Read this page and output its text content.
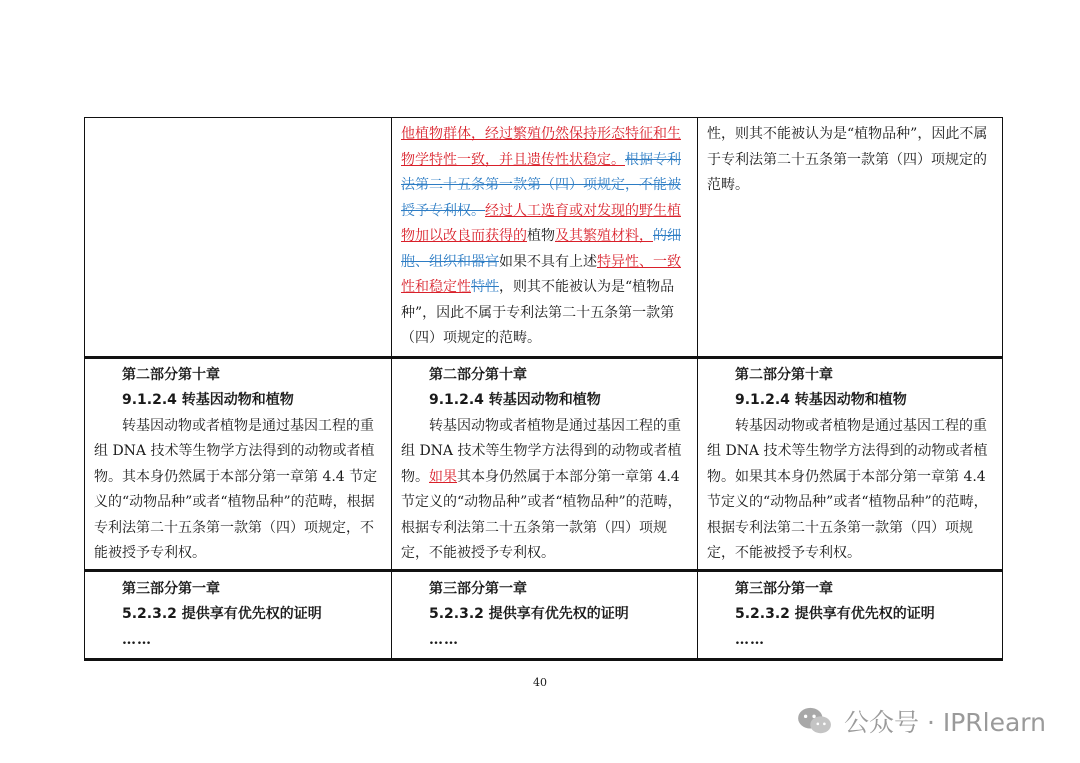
	他植物群体，经过繁殖仍然保持形态特征和生物学特性一致，并且遗传性状稳定。根据专利法第二十五条第一款第（四）项规定，不能被授予专利权。经过人工选育或对发现的野生植物加以改良而获得的植物及其繁殖材料，的细胞、组织和器官如果不具有上述特异性、一致性和稳定性特性，则其不能被认为是“植物品种”，因此不属于专利法第二十五条第一款第（四）项规定的范畴。	性，则其不能被认为是“植物品种”，因此不属于专利法第二十五条第一款第（四）项规定的范畴。

第二部分第十章
9.1.2.4 转基因动物和植物
转基因动物或者植物是通过基因工程的重组 DNA 技术等生物学方法得到的动物或者植物。其本身仍然属于本部分第一章第 4.4 节定义的“动物品种”或者“植物品种”的范畴，根据专利法第二十五条第一款第（四）项规定，不能被授予专利权。	第二部分第十章
9.1.2.4 转基因动物和植物
转基因动物或者植物是通过基因工程的重组 DNA 技术等生物学方法得到的动物或者植物。如果其本身仍然属于本部分第一章第 4.4 节定义的“动物品种”或者“植物品种”的范畴，根据专利法第二十五条第一款第（四）项规定，不能被授予专利权。	第二部分第十章
9.1.2.4 转基因动物和植物
转基因动物或者植物是通过基因工程的重组 DNA 技术等生物学方法得到的动物或者植物。如果其本身仍然属于本部分第一章第 4.4 节定义的“动物品种”或者“植物品种”的范畴，根据专利法第二十五条第一款第（四）项规定，不能被授予专利权。

第三部分第一章
5.2.3.2 提供享有优先权的证明
……	第三部分第一章
5.2.3.2 提供享有优先权的证明
……	第三部分第一章
5.2.3.2 提供享有优先权的证明
……
40
公众号 · IPRlearn
